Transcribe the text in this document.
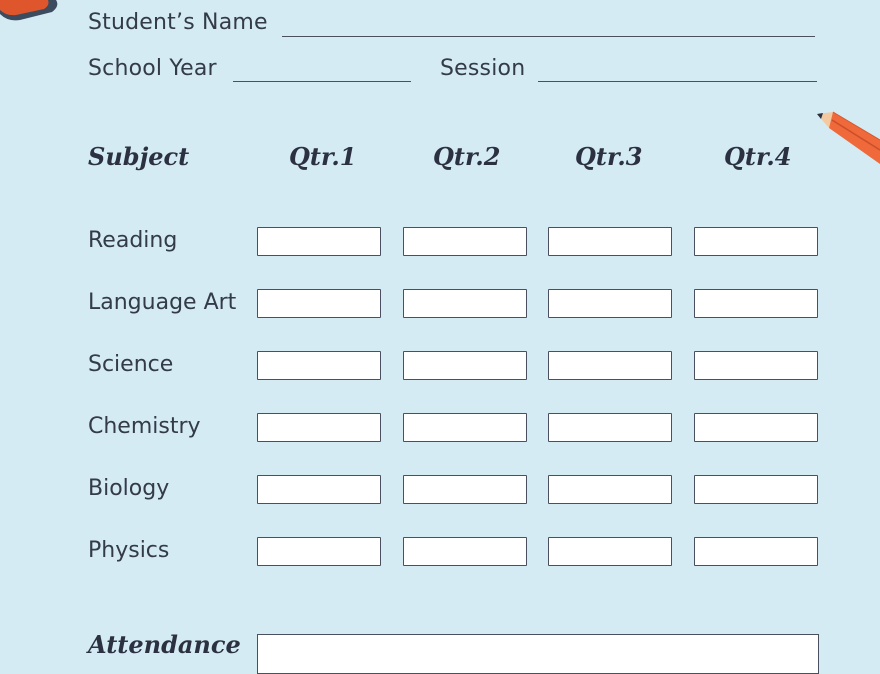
Student’s Name
School Year	Session
Subject	Qtr.1	Qtr.2	Qtr.3	Qtr.4
Reading
Language Art
Science
Chemistry
Biology
Physics
Attendance
